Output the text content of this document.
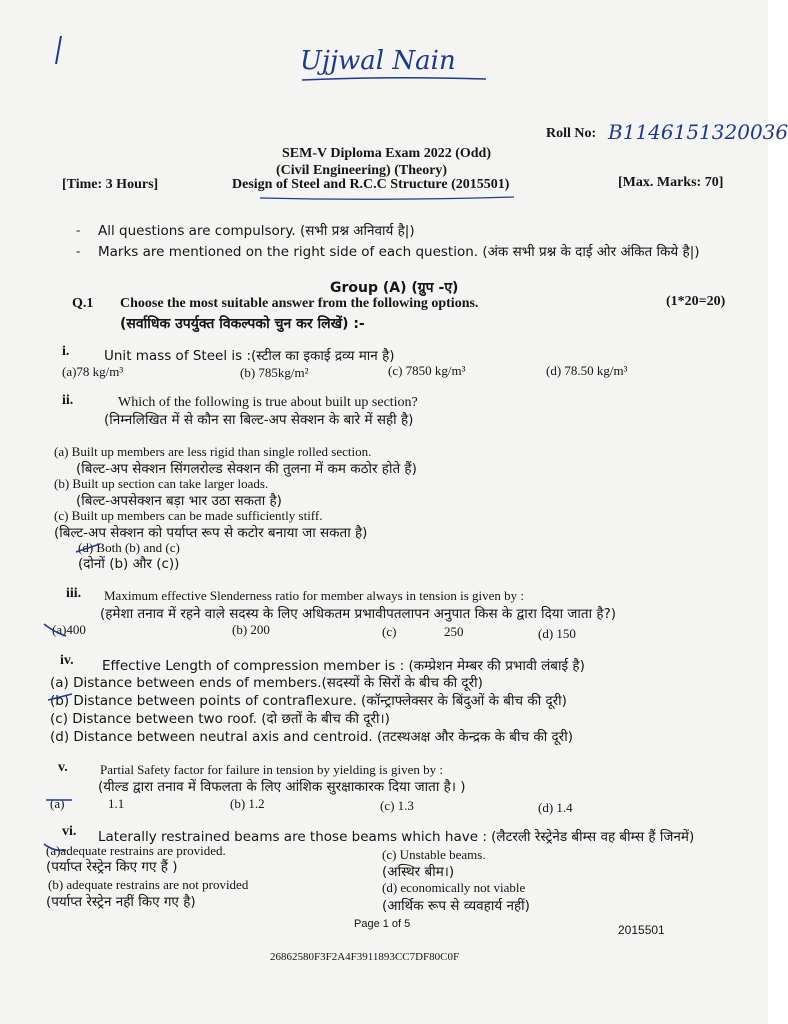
Ujjwal Nain
Roll No: B1146151320036
SEM-V Diploma Exam 2022 (Odd)
(Civil Engineering) (Theory)
[Time: 3 Hours]	Design of Steel and R.C.C Structure (2015501)	[Max. Marks: 70]
- All questions are compulsory. (सभी प्रश्न अनिवार्य है|)
- Marks are mentioned on the right side of each question. (अंक सभी प्रश्न के दाई ओर अंकित किये है|)
Group (A) (ग्रुप -ए)
Q.1 Choose the most suitable answer from the following options.	(1*20=20)
(सर्वाधिक उपर्युक्त विकल्पको चुन कर लिखें) :-
i.	Unit mass of Steel is :(स्टील का इकाई द्रव्य मान है)
(a)78 kg/m³	(b) 785kg/m²	(c) 7850 kg/m³	(d) 78.50 kg/m³
ii.	Which of the following is true about built up section?
(निम्नलिखित में से कौन सा बिल्ट-अप सेक्शन के बारे में सही है)
(a) Built up members are less rigid than single rolled section.
(बिल्ट-अप सेक्शन सिंगलरोल्ड सेक्शन की तुलना में कम कठोर होते हैं)
(b) Built up section can take larger loads.
(बिल्ट-अपसेक्शन बड़ा भार उठा सकता है)
(c) Built up members can be made sufficiently stiff.
(बिल्ट-अप सेक्शन को पर्याप्त रूप से कटोर बनाया जा सकता है)
(d) Both (b) and (c)
(दोनों (b) और (c))
iii. Maximum effective Slenderness ratio for member always in tension is given by :
(हमेशा तनाव में रहने वाले सदस्य के लिए अधिकतम प्रभावीपतलापन अनुपात किस के द्वारा दिया जाता है?)
(a)400	(b) 200	(c)	250	(d) 150
iv. Effective Length of compression member is : (कम्प्रेशन मेम्बर की प्रभावी लंबाई है)
(a) Distance between ends of members.(सदस्यों के सिरों के बीच की दूरी)
(b) Distance between points of contraflexure. (कॉन्ट्राफ्लेक्सर के बिंदुओं के बीच की दूरी)
(c) Distance between two roof. (दो छतों के बीच की दूरी।)
(d) Distance between neutral axis and centroid. (तटस्थअक्ष और केन्द्रक के बीच की दूरी)
v. Partial Safety factor for failure in tension by yielding is given by :
(यील्ड द्वारा तनाव में विफलता के लिए आंशिक सुरक्षाकारक दिया जाता है। )
(a)	1.1	(b) 1.2	(c) 1.3	(d) 1.4
vi. Laterally restrained beams are those beams which have : (लैटरली रेस्ट्रेनेड बीम्स वह बीम्स हैं जिनमें)
(a)adequate restrains are provided.
(पर्याप्त रेस्ट्रेन किए गए हैं )
(b) adequate restrains are not provided
(पर्याप्त रेस्ट्रेन नहीं किए गए है)
(c) Unstable beams.
(अस्थिर बीम।)
(d) economically not viable
(आर्थिक रूप से व्यवहार्य नहीं)
Page 1 of 5	2015501
26862580F3F2A4F3911893CC7DF80C0F
